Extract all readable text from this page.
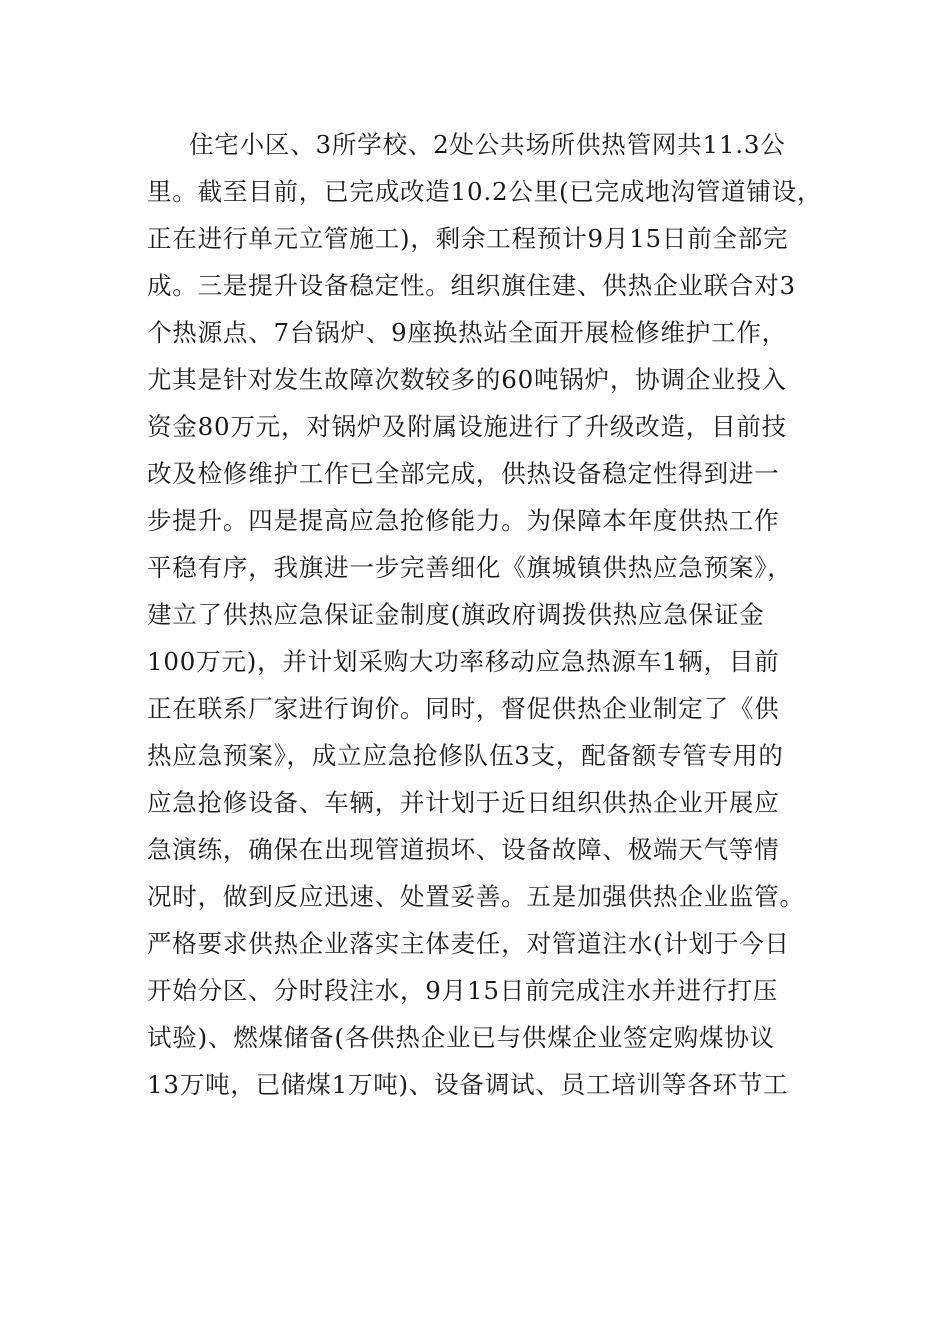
住宅小区、3所学校、2处公共场所供热管网共11.3公
里。截至目前，已完成改造10.2公里(已完成地沟管道铺设，
正在进行单元立管施工)，剩余工程预计9月15日前全部完
成。三是提升设备稳定性。组织旗住建、供热企业联合对3
个热源点、7台锅炉、9座换热站全面开展检修维护工作，
尤其是针对发生故障次数较多的60吨锅炉，协调企业投入
资金80万元，对锅炉及附属设施进行了升级改造，目前技
改及检修维护工作已全部完成，供热设备稳定性得到进一
步提升。四是提高应急抢修能力。为保障本年度供热工作
平稳有序，我旗进一步完善细化《旗城镇供热应急预案》，
建立了供热应急保证金制度(旗政府调拨供热应急保证金
100万元)，并计划采购大功率移动应急热源车1辆，目前
正在联系厂家进行询价。同时，督促供热企业制定了《供
热应急预案》，成立应急抢修队伍3支，配备额专管专用的
应急抢修设备、车辆，并计划于近日组织供热企业开展应
急演练，确保在出现管道损坏、设备故障、极端天气等情
况时，做到反应迅速、处置妥善。五是加强供热企业监管。
严格要求供热企业落实主体麦任，对管道注水(计划于今日
开始分区、分时段注水，9月15日前完成注水并进行打压
试验)、燃煤储备(各供热企业已与供煤企业签定购煤协议
13万吨，已储煤1万吨)、设备调试、员工培训等各环节工
